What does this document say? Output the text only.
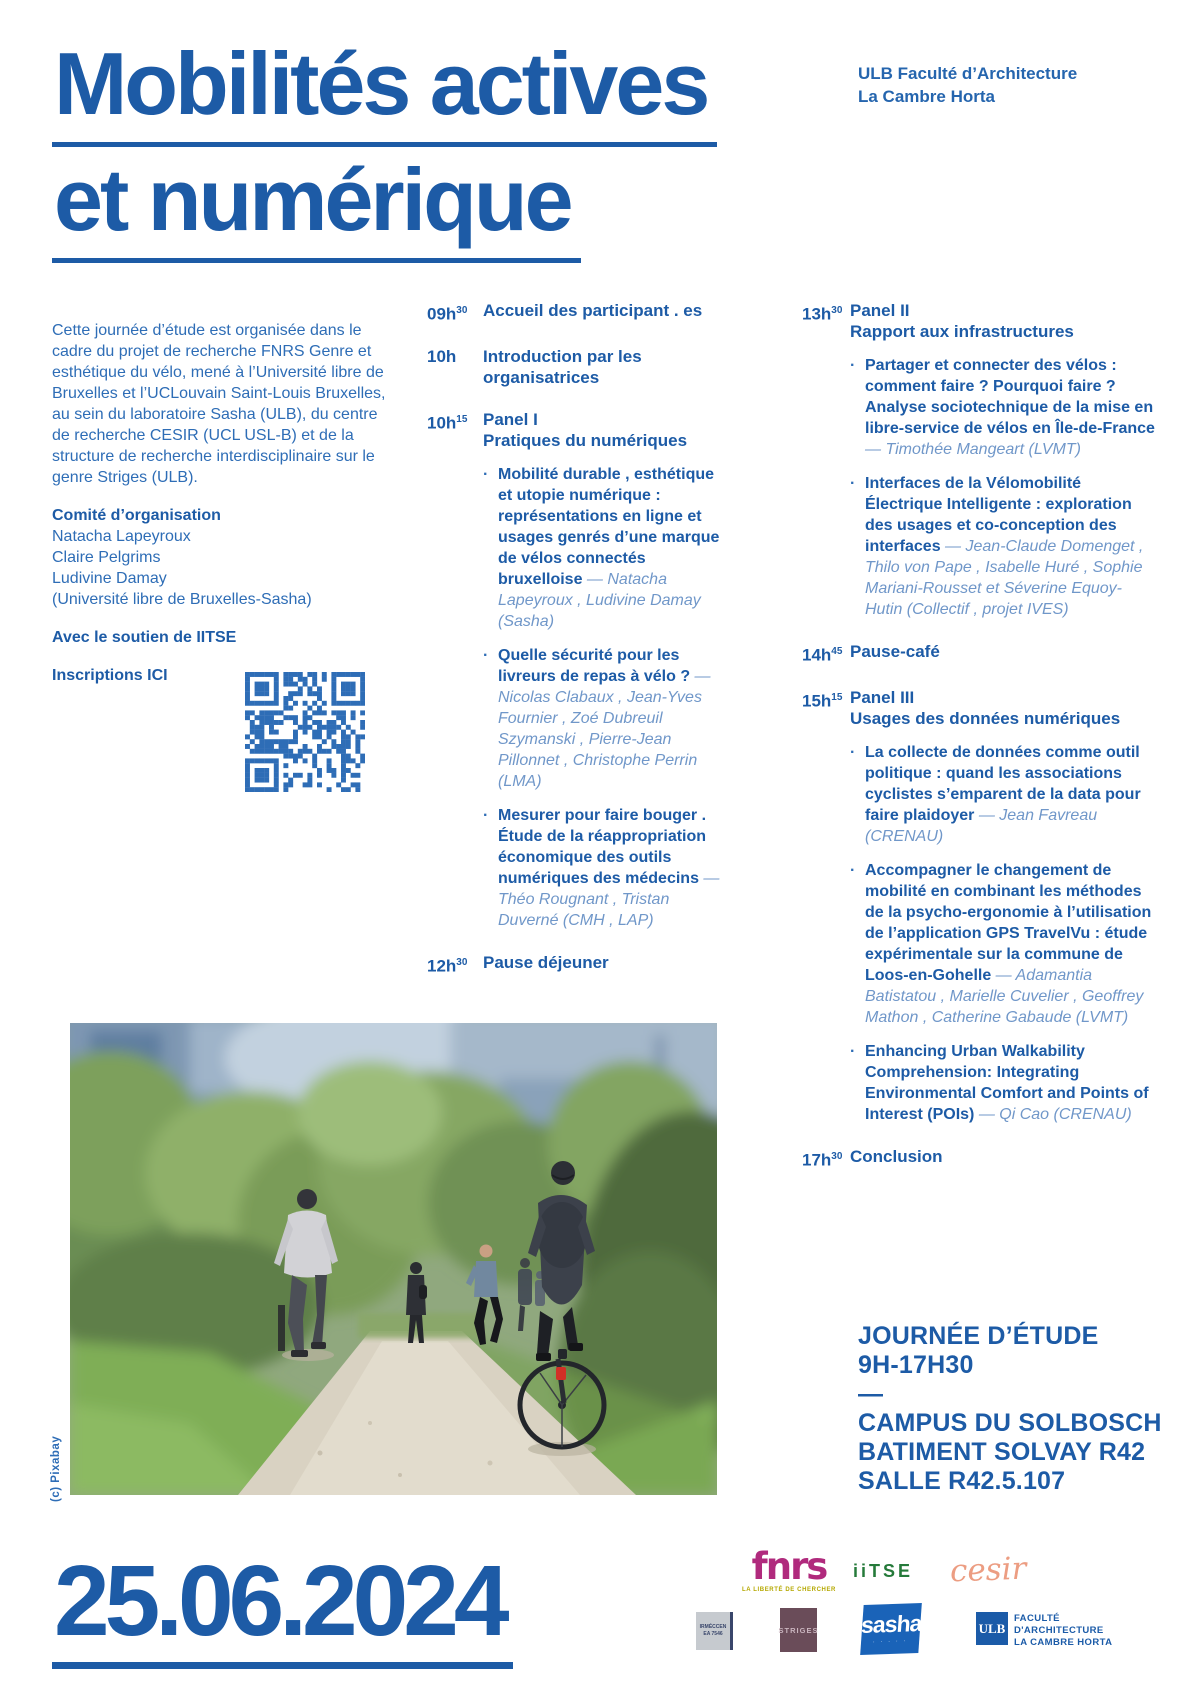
Mobilités actives
et numérique
ULB Faculté d’Architecture
La Cambre Horta

Cette journée d’étude est organisée dans le cadre du projet de recherche FNRS Genre et esthétique du vélo, mené à l’Université libre de Bruxelles et l’UCLouvain Saint-Louis Bruxelles, au sein du laboratoire Sasha (ULB), du centre de recherche CESIR (UCL USL-B) et de la structure de recherche interdisciplinaire sur le genre Striges (ULB).

Comité d’organisation
Natacha Lapeyroux
Claire Pelgrims
Ludivine Damay
(Université libre de Bruxelles-Sasha)
Avec le soutien de IITSE
Inscriptions ICI
$09h^{30}$ Accueil des participant . es
10h	Introduction par les organisatrices
$10h^{15}$ Panel I
Pratiques du numériques

· Mobilité durable , esthétique et utopie numérique : représentations en ligne et usages genrés d’une marque de vélos connectés bruxelloise — Natacha Lapeyroux , Ludivine Damay (Sasha)

· Quelle sécurité pour les livreurs de repas à vélo ? — Nicolas Clabaux , Jean-Yves Fournier , Zoé Dubreuil Szymanski , Pierre-Jean Pillonnet , Christophe Perrin (LMA)

· Mesurer pour faire bouger . Étude de la réappropriation économique des outils numériques des médecins — Théo Rougnant , Tristan Duverné (CMH , LAP)

$12h^{30}$ Pause déjeuner
$13h^{30}$ Panel II
Rapport aux infrastructures

· Partager et connecter des vélos : comment faire ? Pourquoi faire ? Analyse sociotechnique de la mise en libre-service de vélos en Île-de-France — Timothée Mangeart (LVMT)

· Interfaces de la Vélomobilité Électrique Intelligente : exploration des usages et co-conception des interfaces — Jean-Claude Domenget , Thilo von Pape , Isabelle Huré , Sophie Mariani-Rousset et Séverine Equoy-Hutin (Collectif , projet IVES)

$14h^{45}$ Pause-café
$15h^{15}$ Panel III
Usages des données numériques

· La collecte de données comme outil politique : quand les associations cyclistes s’emparent de la data pour faire plaidoyer — Jean Favreau (CRENAU)

· Accompagner le changement de mobilité en combinant les méthodes de la psycho-ergonomie à l’utilisation de l’application GPS TravelVu : étude expérimentale sur la commune de Loos-en-Gohelle — Adamantia Batistatou , Marielle Cuvelier , Geoffrey Mathon , Catherine Gabaude (LVMT)

· Enhancing Urban Walkability Comprehension: Integrating Environmental Comfort and Points of Interest (POIs) — Qi Cao (CRENAU)

$17h^{30}$ Conclusion
(c) Pixabay
JOURNÉE D’ÉTUDE
9H-17H30
—
CAMPUS DU SOLBOSCH
BATIMENT SOLVAY R42
SALLE R42.5.107
25.06.2024	fnrs
LA LIBERTÉ DE CHERCHER
iiTSE cesir
IRMÉCCEN
EA 7546	STRIGES sasha
· · · · ·
ULB
FACULTÉ
D'ARCHITECTURE
LA CAMBRE HORTA
